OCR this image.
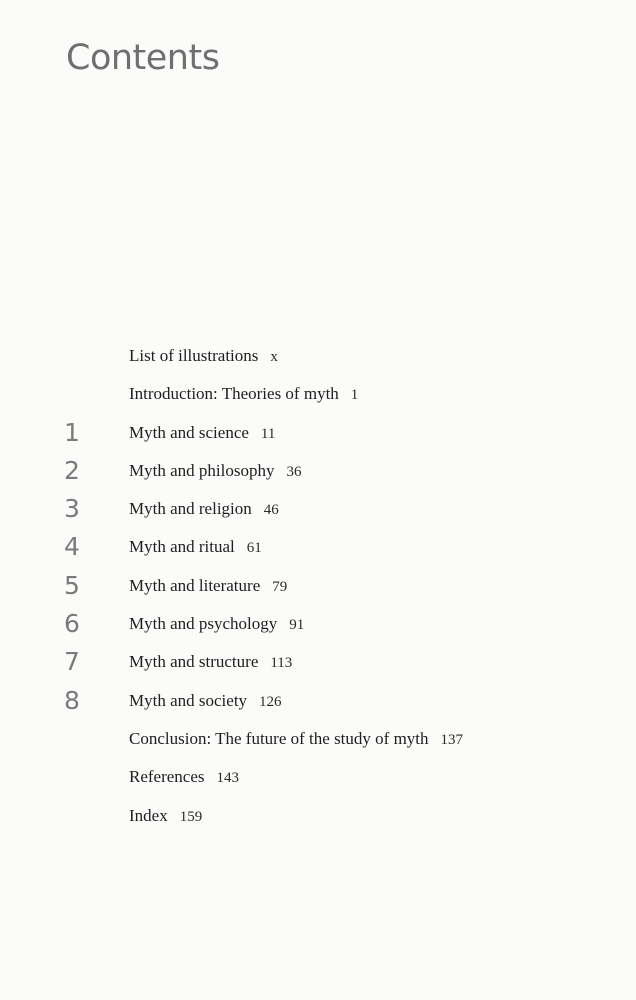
Contents
List of illustrations x
Introduction: Theories of myth 1
1	Myth and science 11
2	Myth and philosophy 36
3	Myth and religion 46
4	Myth and ritual 61
5	Myth and literature 79
6	Myth and psychology 91
7	Myth and structure 113
8	Myth and society 126
Conclusion: The future of the study of myth 137
References 143
Index 159
